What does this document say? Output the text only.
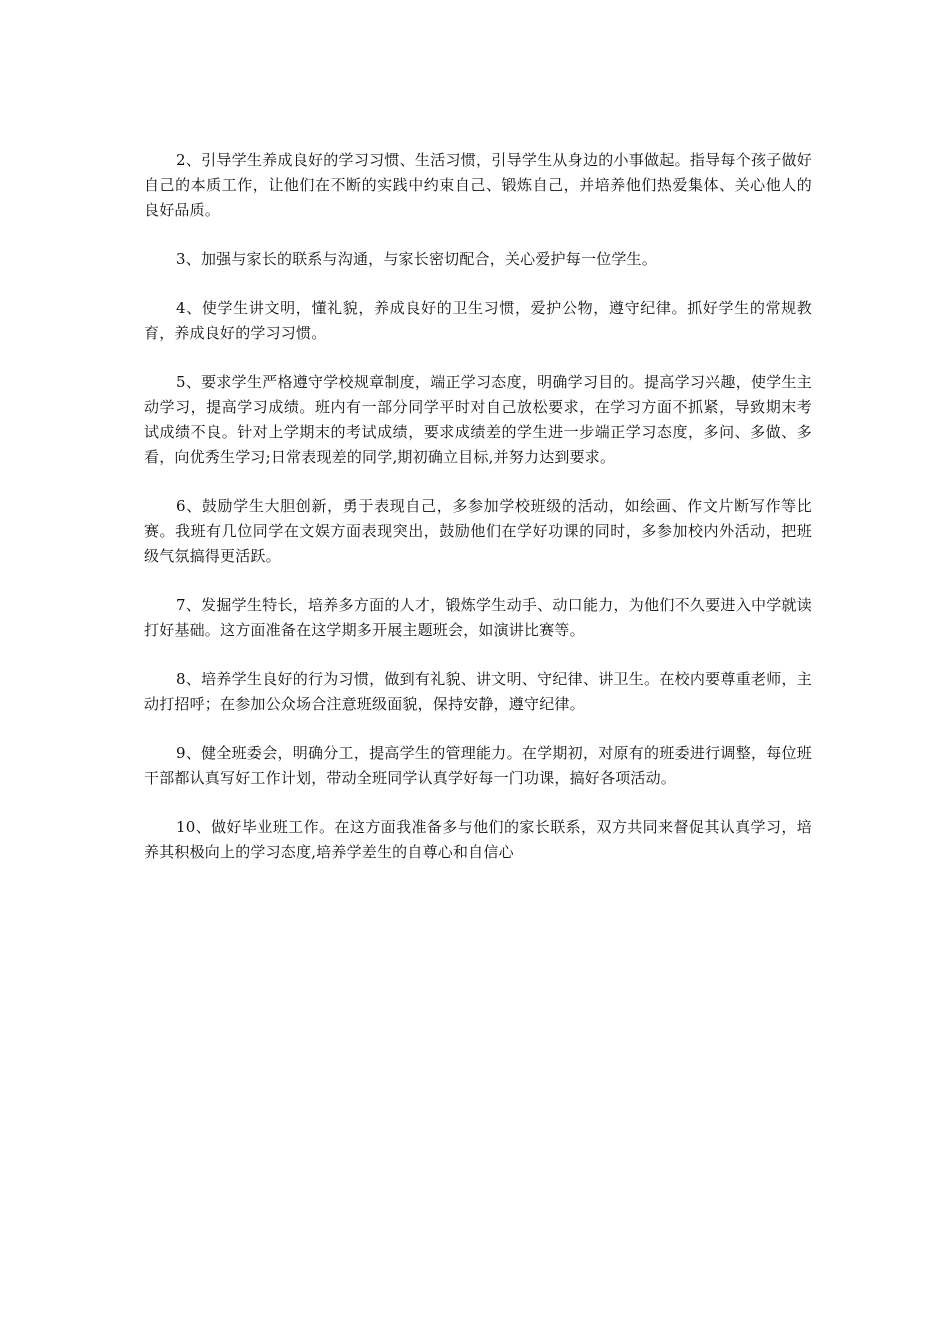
2、引导学生养成良好的学习习惯、生活习惯，引导学生从身边的小事做起。指导每个孩子做好自己的本质工作，让他们在不断的实践中约束自己、锻炼自己，并培养他们热爱集体、关心他人的良好品质。

3、加强与家长的联系与沟通，与家长密切配合，关心爱护每一位学生。

4、使学生讲文明，懂礼貌，养成良好的卫生习惯，爱护公物，遵守纪律。抓好学生的常规教育，养成良好的学习习惯。

5、要求学生严格遵守学校规章制度，端正学习态度，明确学习目的。提高学习兴趣，使学生主动学习，提高学习成绩。班内有一部分同学平时对自己放松要求，在学习方面不抓紧，导致期末考试成绩不良。针对上学期末的考试成绩，要求成绩差的学生进一步端正学习态度，多问、多做、多看，向优秀生学习;日常表现差的同学,期初确立目标,并努力达到要求。

6、鼓励学生大胆创新，勇于表现自己，多参加学校班级的活动，如绘画、作文片断写作等比赛。我班有几位同学在文娱方面表现突出，鼓励他们在学好功课的同时，多参加校内外活动，把班级气氛搞得更活跃。

7、发掘学生特长，培养多方面的人才，锻炼学生动手、动口能力，为他们不久要进入中学就读打好基础。这方面准备在这学期多开展主题班会，如演讲比赛等。

8、培养学生良好的行为习惯，做到有礼貌、讲文明、守纪律、讲卫生。在校内要尊重老师，主动打招呼；在参加公众场合注意班级面貌，保持安静，遵守纪律。

9、健全班委会，明确分工，提高学生的管理能力。在学期初，对原有的班委进行调整，每位班干部都认真写好工作计划，带动全班同学认真学好每一门功课，搞好各项活动。

10、做好毕业班工作。在这方面我准备多与他们的家长联系，双方共同来督促其认真学习，培养其积极向上的学习态度,培养学差生的自尊心和自信心
